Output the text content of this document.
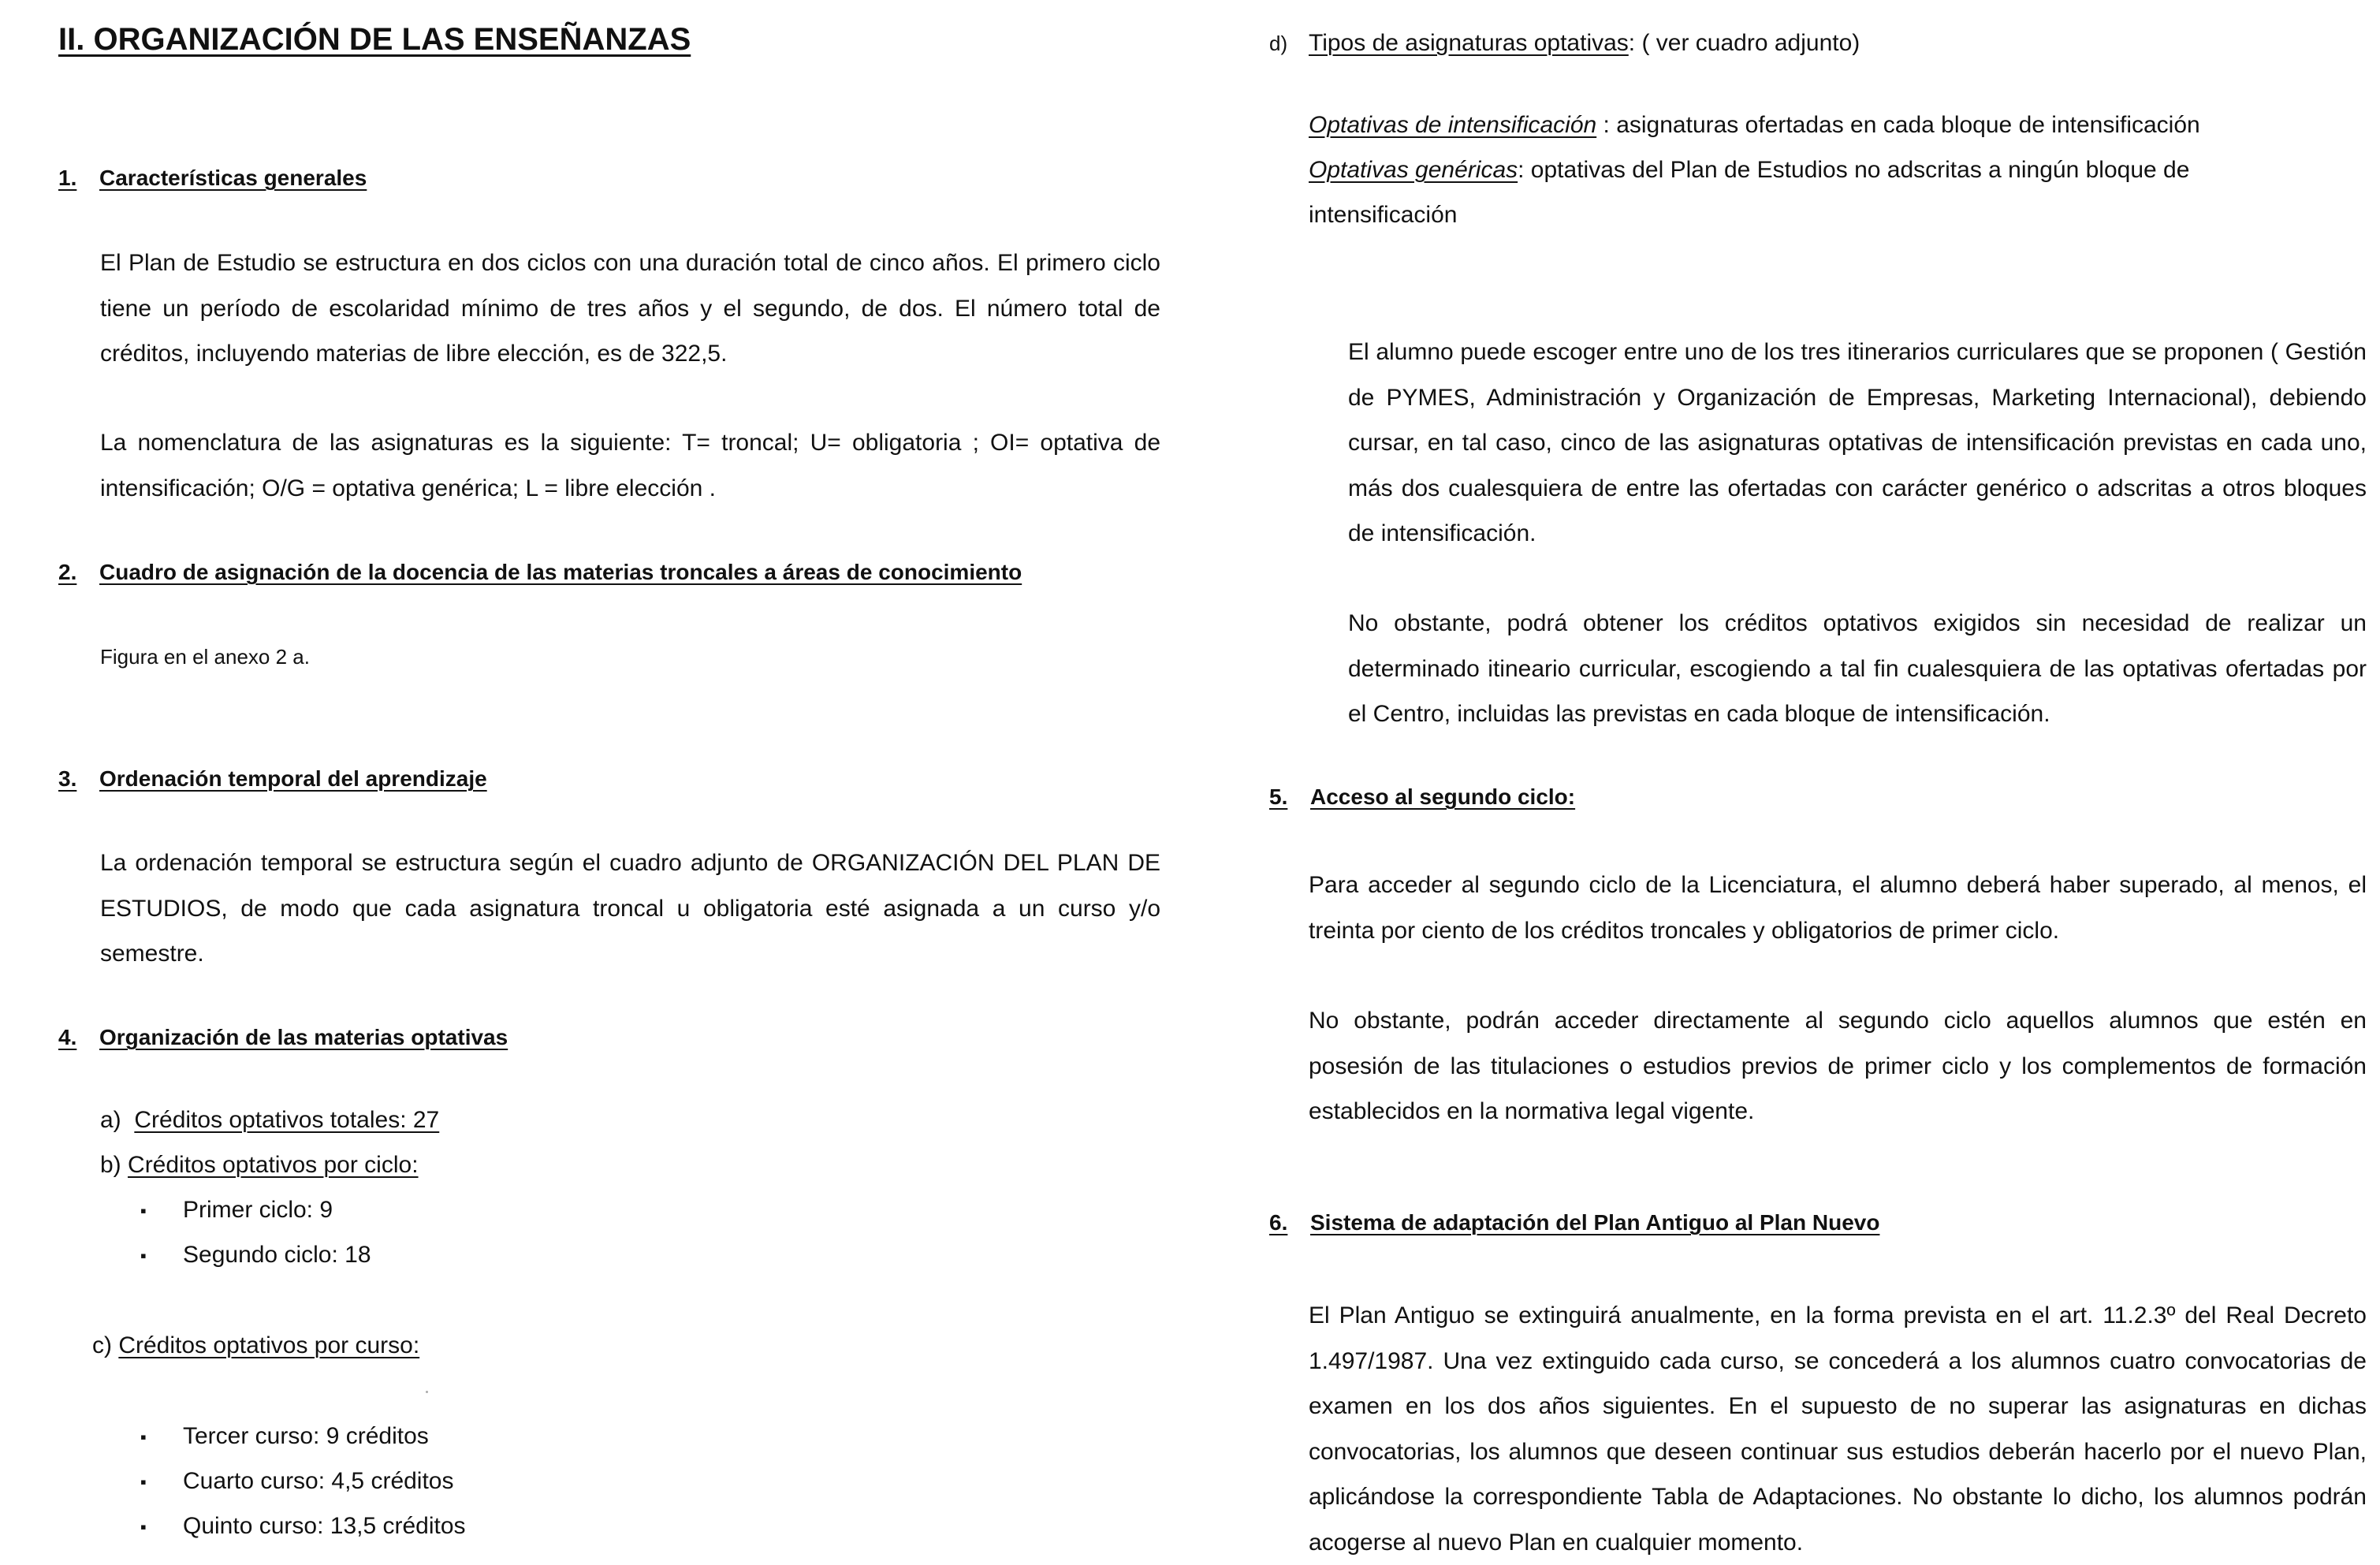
II. ORGANIZACIÓN DE LAS ENSEÑANZAS
1. Características generales

El Plan de Estudio se estructura en dos ciclos con una duración total de cinco años. El primero ciclo tiene un período de escolaridad mínimo de tres años y el segundo, de dos. El número total de créditos, incluyendo materias de libre elección, es de 322,5.

La nomenclatura de las asignaturas es la siguiente: T= troncal; U= obligatoria ; OI= optativa de intensificación; O/G = optativa genérica; L = libre elección .

2. Cuadro de asignación de la docencia de las materias troncales a áreas de conocimiento

Figura en el anexo 2 a.

3. Ordenación temporal del aprendizaje

La ordenación temporal se estructura según el cuadro adjunto de ORGANIZACIÓN DEL PLAN DE ESTUDIOS, de modo que cada asignatura troncal u obligatoria esté asignada a un curso y/o semestre.

4. Organización de las materias optativas
a) Créditos optativos totales: 27
b) Créditos optativos por ciclo:
▪ Primer ciclo: 9
▪ Segundo ciclo: 18
c) Créditos optativos por curso:
▪ Tercer curso: 9 créditos
▪ Cuarto curso: 4,5 créditos
▪ Quinto curso: 13,5 créditos
d) Tipos de asignaturas optativas: ( ver cuadro adjunto)
Optativas de intensificación : asignaturas ofertadas en cada bloque de intensificación
Optativas genéricas: optativas del Plan de Estudios no adscritas a ningún bloque de
intensificación

El alumno puede escoger entre uno de los tres itinerarios curriculares que se proponen ( Gestión de PYMES, Administración y Organización de Empresas, Marketing Internacional), debiendo cursar, en tal caso, cinco de las asignaturas optativas de intensificación previstas en cada uno, más dos cualesquiera de entre las ofertadas con carácter genérico o adscritas a otros bloques de intensificación.

No obstante, podrá obtener los créditos optativos exigidos sin necesidad de realizar un determinado itineario curricular, escogiendo a tal fin cualesquiera de las optativas ofertadas por el Centro, incluidas las previstas en cada bloque de intensificación.

5. Acceso al segundo ciclo:

Para acceder al segundo ciclo de la Licenciatura, el alumno deberá haber superado, al menos, el treinta por ciento de los créditos troncales y obligatorios de primer ciclo.

No obstante, podrán acceder directamente al segundo ciclo aquellos alumnos que estén en posesión de las titulaciones o estudios previos de primer ciclo y los complementos de formación establecidos en la normativa legal vigente.

6. Sistema de adaptación del Plan Antiguo al Plan Nuevo

El Plan Antiguo se extinguirá anualmente, en la forma prevista en el art. 11.2.3º del Real Decreto 1.497/1987. Una vez extinguido cada curso, se concederá a los alumnos cuatro convocatorias de examen en los dos años siguientes. En el supuesto de no superar las asignaturas en dichas convocatorias, los alumnos que deseen continuar sus estudios deberán hacerlo por el nuevo Plan, aplicándose la correspondiente Tabla de Adaptaciones. No obstante lo dicho, los alumnos podrán acogerse al nuevo Plan en cualquier momento.
